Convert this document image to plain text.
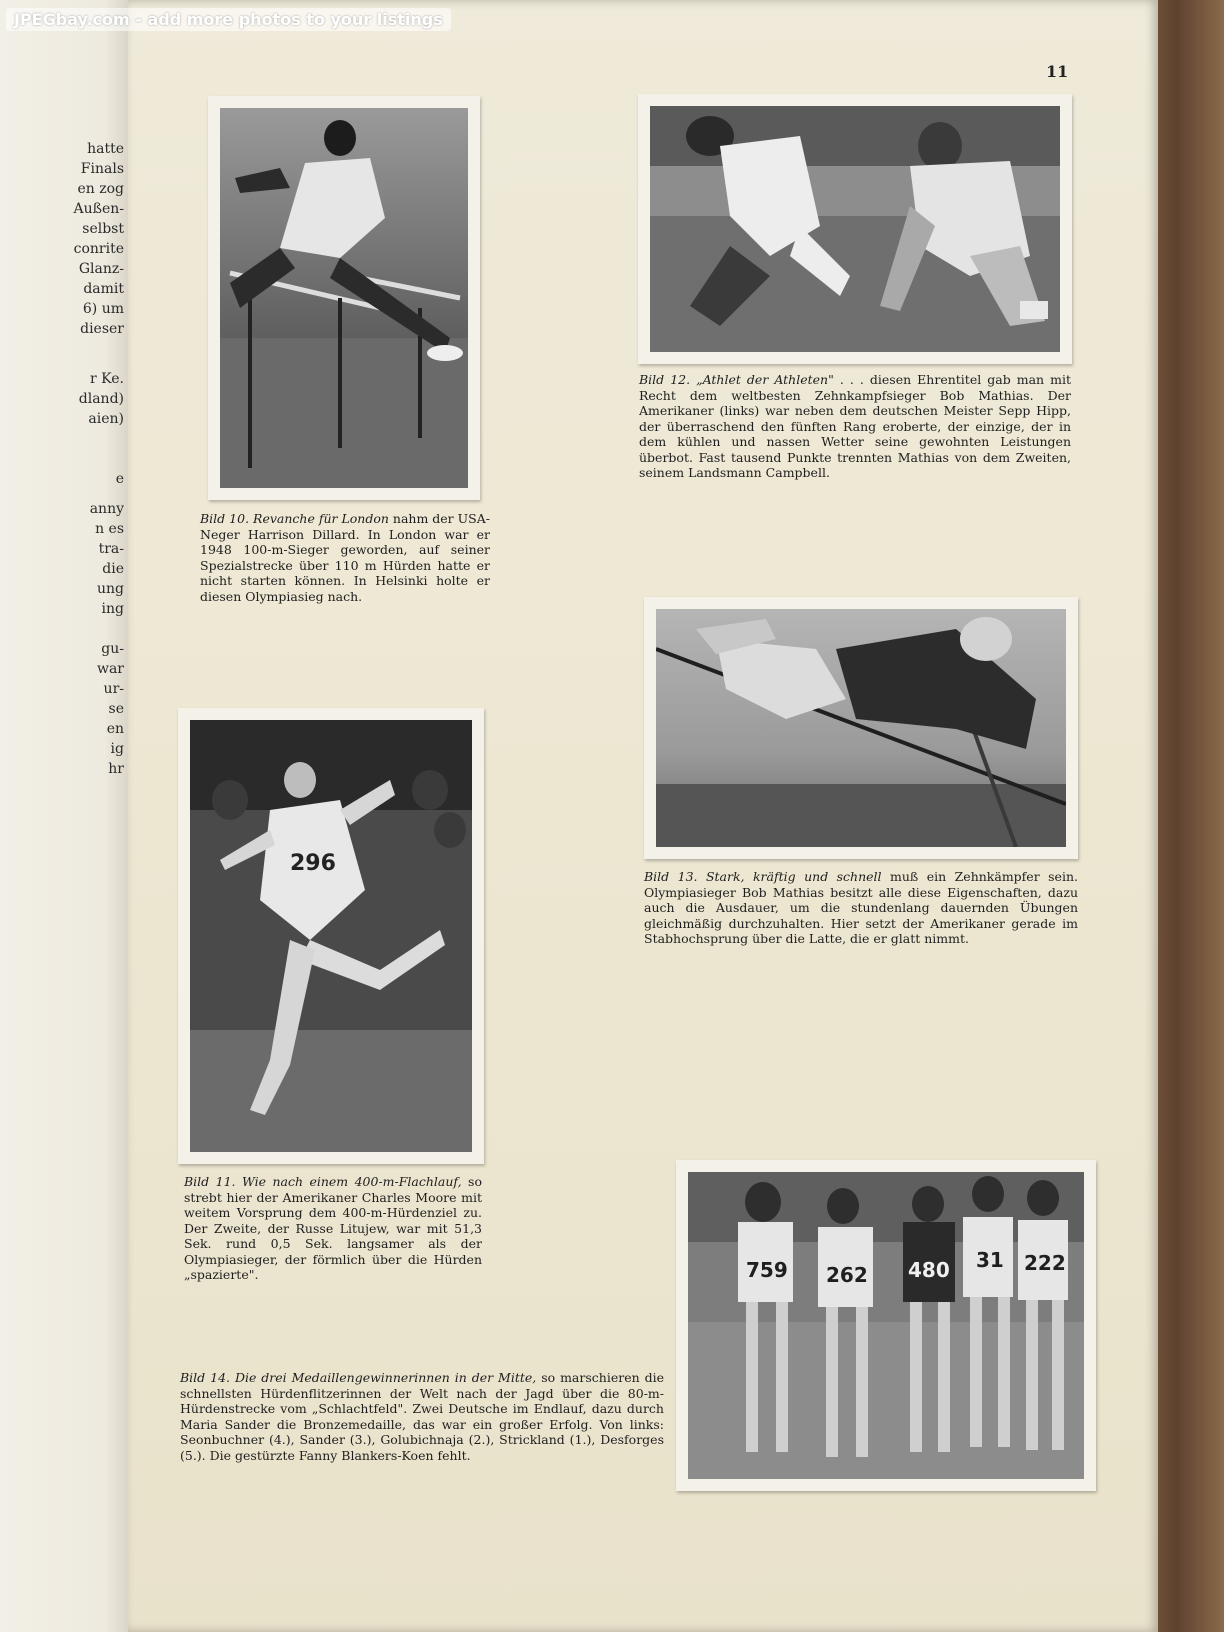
hatte
Finals
en zog
Außen-
selbst
conrite
Glanz-
damit
6) um
dieser
r Ke.
dland)
aien)
e
anny
n es
tra-
die
ung
ing
gu-
war
ur-
se
en
ig
hr
11
Bild 10. Revanche für London nahm der USA-Neger Harrison Dillard. In London war er 1948 100-m-Sieger geworden, auf seiner Spezialstrecke über 110 m Hürden hatte er nicht starten können. In Helsinki holte er diesen Olympiasieg nach.
Bild 12. „Athlet der Athleten" . . . diesen Ehrentitel gab man mit Recht dem weltbesten Zehnkampfsieger Bob Mathias. Der Amerikaner (links) war neben dem deutschen Meister Sepp Hipp, der überraschend den fünften Rang eroberte, der einzige, der in dem kühlen und nassen Wetter seine gewohnten Leistungen überbot. Fast tausend Punkte trennten Mathias von dem Zweiten, seinem Landsmann Campbell.
Bild 13. Stark, kräftig und schnell muß ein Zehnkämpfer sein. Olympiasieger Bob Mathias besitzt alle diese Eigenschaften, dazu auch die Ausdauer, um die stundenlang dauernden Übungen gleichmäßig durchzuhalten. Hier setzt der Amerikaner gerade im Stabhochsprung über die Latte, die er glatt nimmt.
296
Bild 11. Wie nach einem 400-m-Flachlauf, so strebt hier der Amerikaner Charles Moore mit weitem Vorsprung dem 400-m-Hürdenziel zu. Der Zweite, der Russe Litujew, war mit 51,3 Sek. rund 0,5 Sek. langsamer als der Olympiasieger, der förmlich über die Hürden „spazierte".	759 262 480 31 222
Bild 14. Die drei Medaillengewinnerinnen in der Mitte, so marschieren die schnellsten Hürdenflitzerinnen der Welt nach der Jagd über die 80-m-Hürdenstrecke vom „Schlachtfeld". Zwei Deutsche im Endlauf, dazu durch Maria Sander die Bronzemedaille, das war ein großer Erfolg. Von links: Seonbuchner (4.), Sander (3.), Golubichnaja (2.), Strickland (1.), Desforges (5.). Die gestürzte Fanny Blankers-Koen fehlt.
JPEGbay.com - add more photos to your listings
